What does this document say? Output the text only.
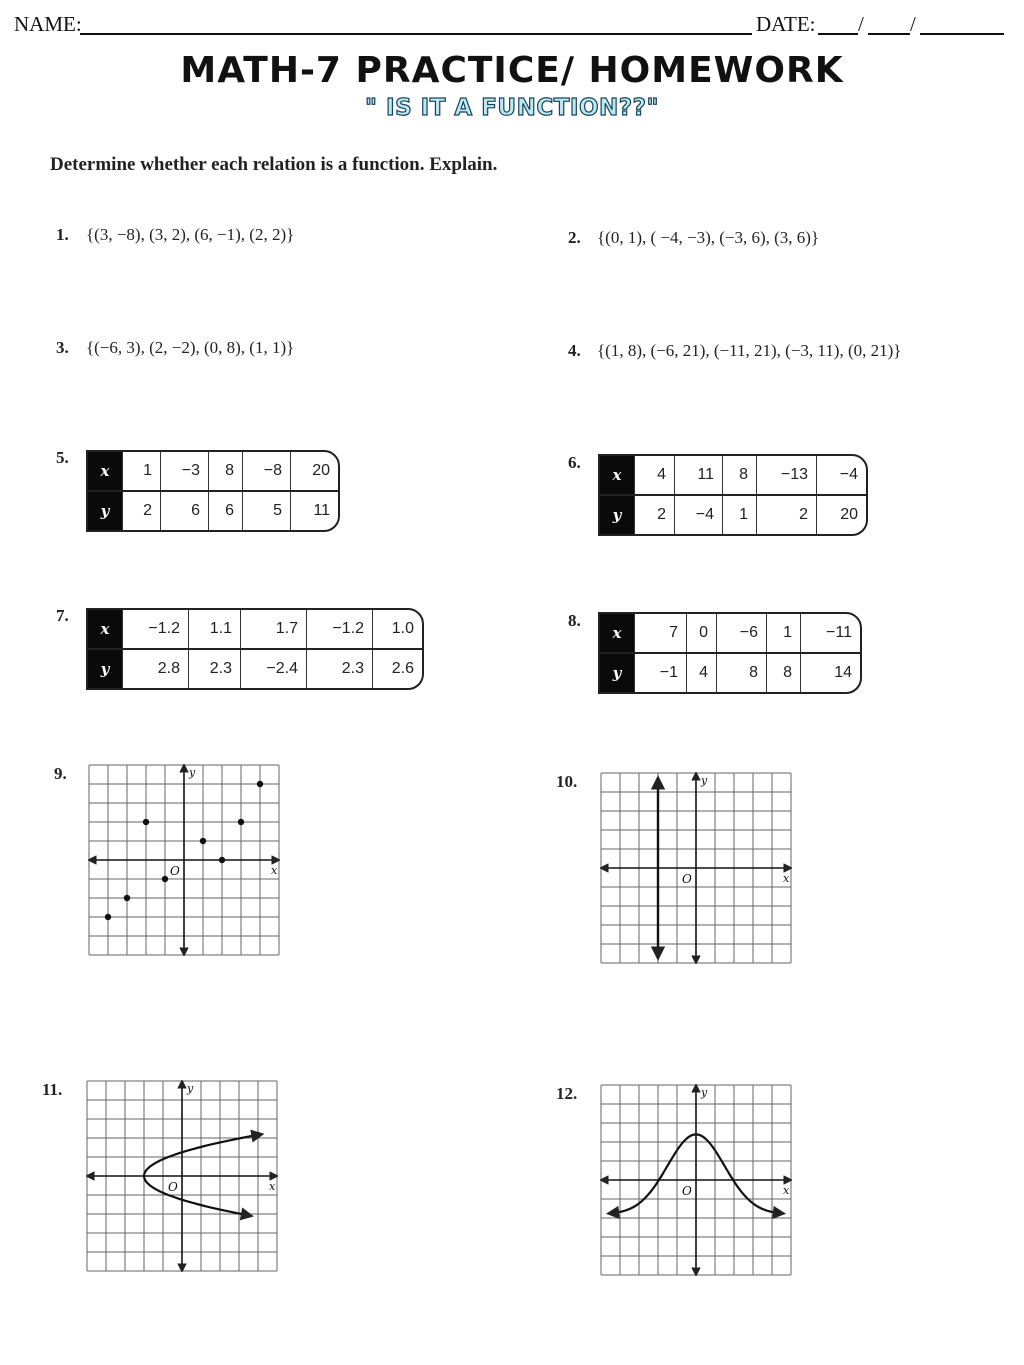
NAME:	DATE: / /
MATH-7 PRACTICE/ HOMEWORK
" IS IT A FUNCTION??"
Determine whether each relation is a function. Explain.
1. {(3, −8), (3, 2), (6, −1), (2, 2)}	2. {(0, 1), ( −4, −3), (−3, 6), (3, 6)}
3. {(−6, 3), (2, −2), (0, 8), (1, 1)}	4. {(1, 8), (−6, 21), (−11, 21), (−3, 11), (0, 21)}
5.
x	1	−3	8	−8	20
y	2	6	6	5	11
6.
x	4	11	8	−13	−4
y	2	−4	1	2	20
7.
x	−1.2	1.1	1.7	−1.2	1.0
y	2.8	2.3	−2.4	2.3	2.6
8.
x	7	0	−6	1	−11
y	−1	4	8	8	14
9.
x
y
O
10.
x
y
O
11.
x
y
O
12.
x
y
O
